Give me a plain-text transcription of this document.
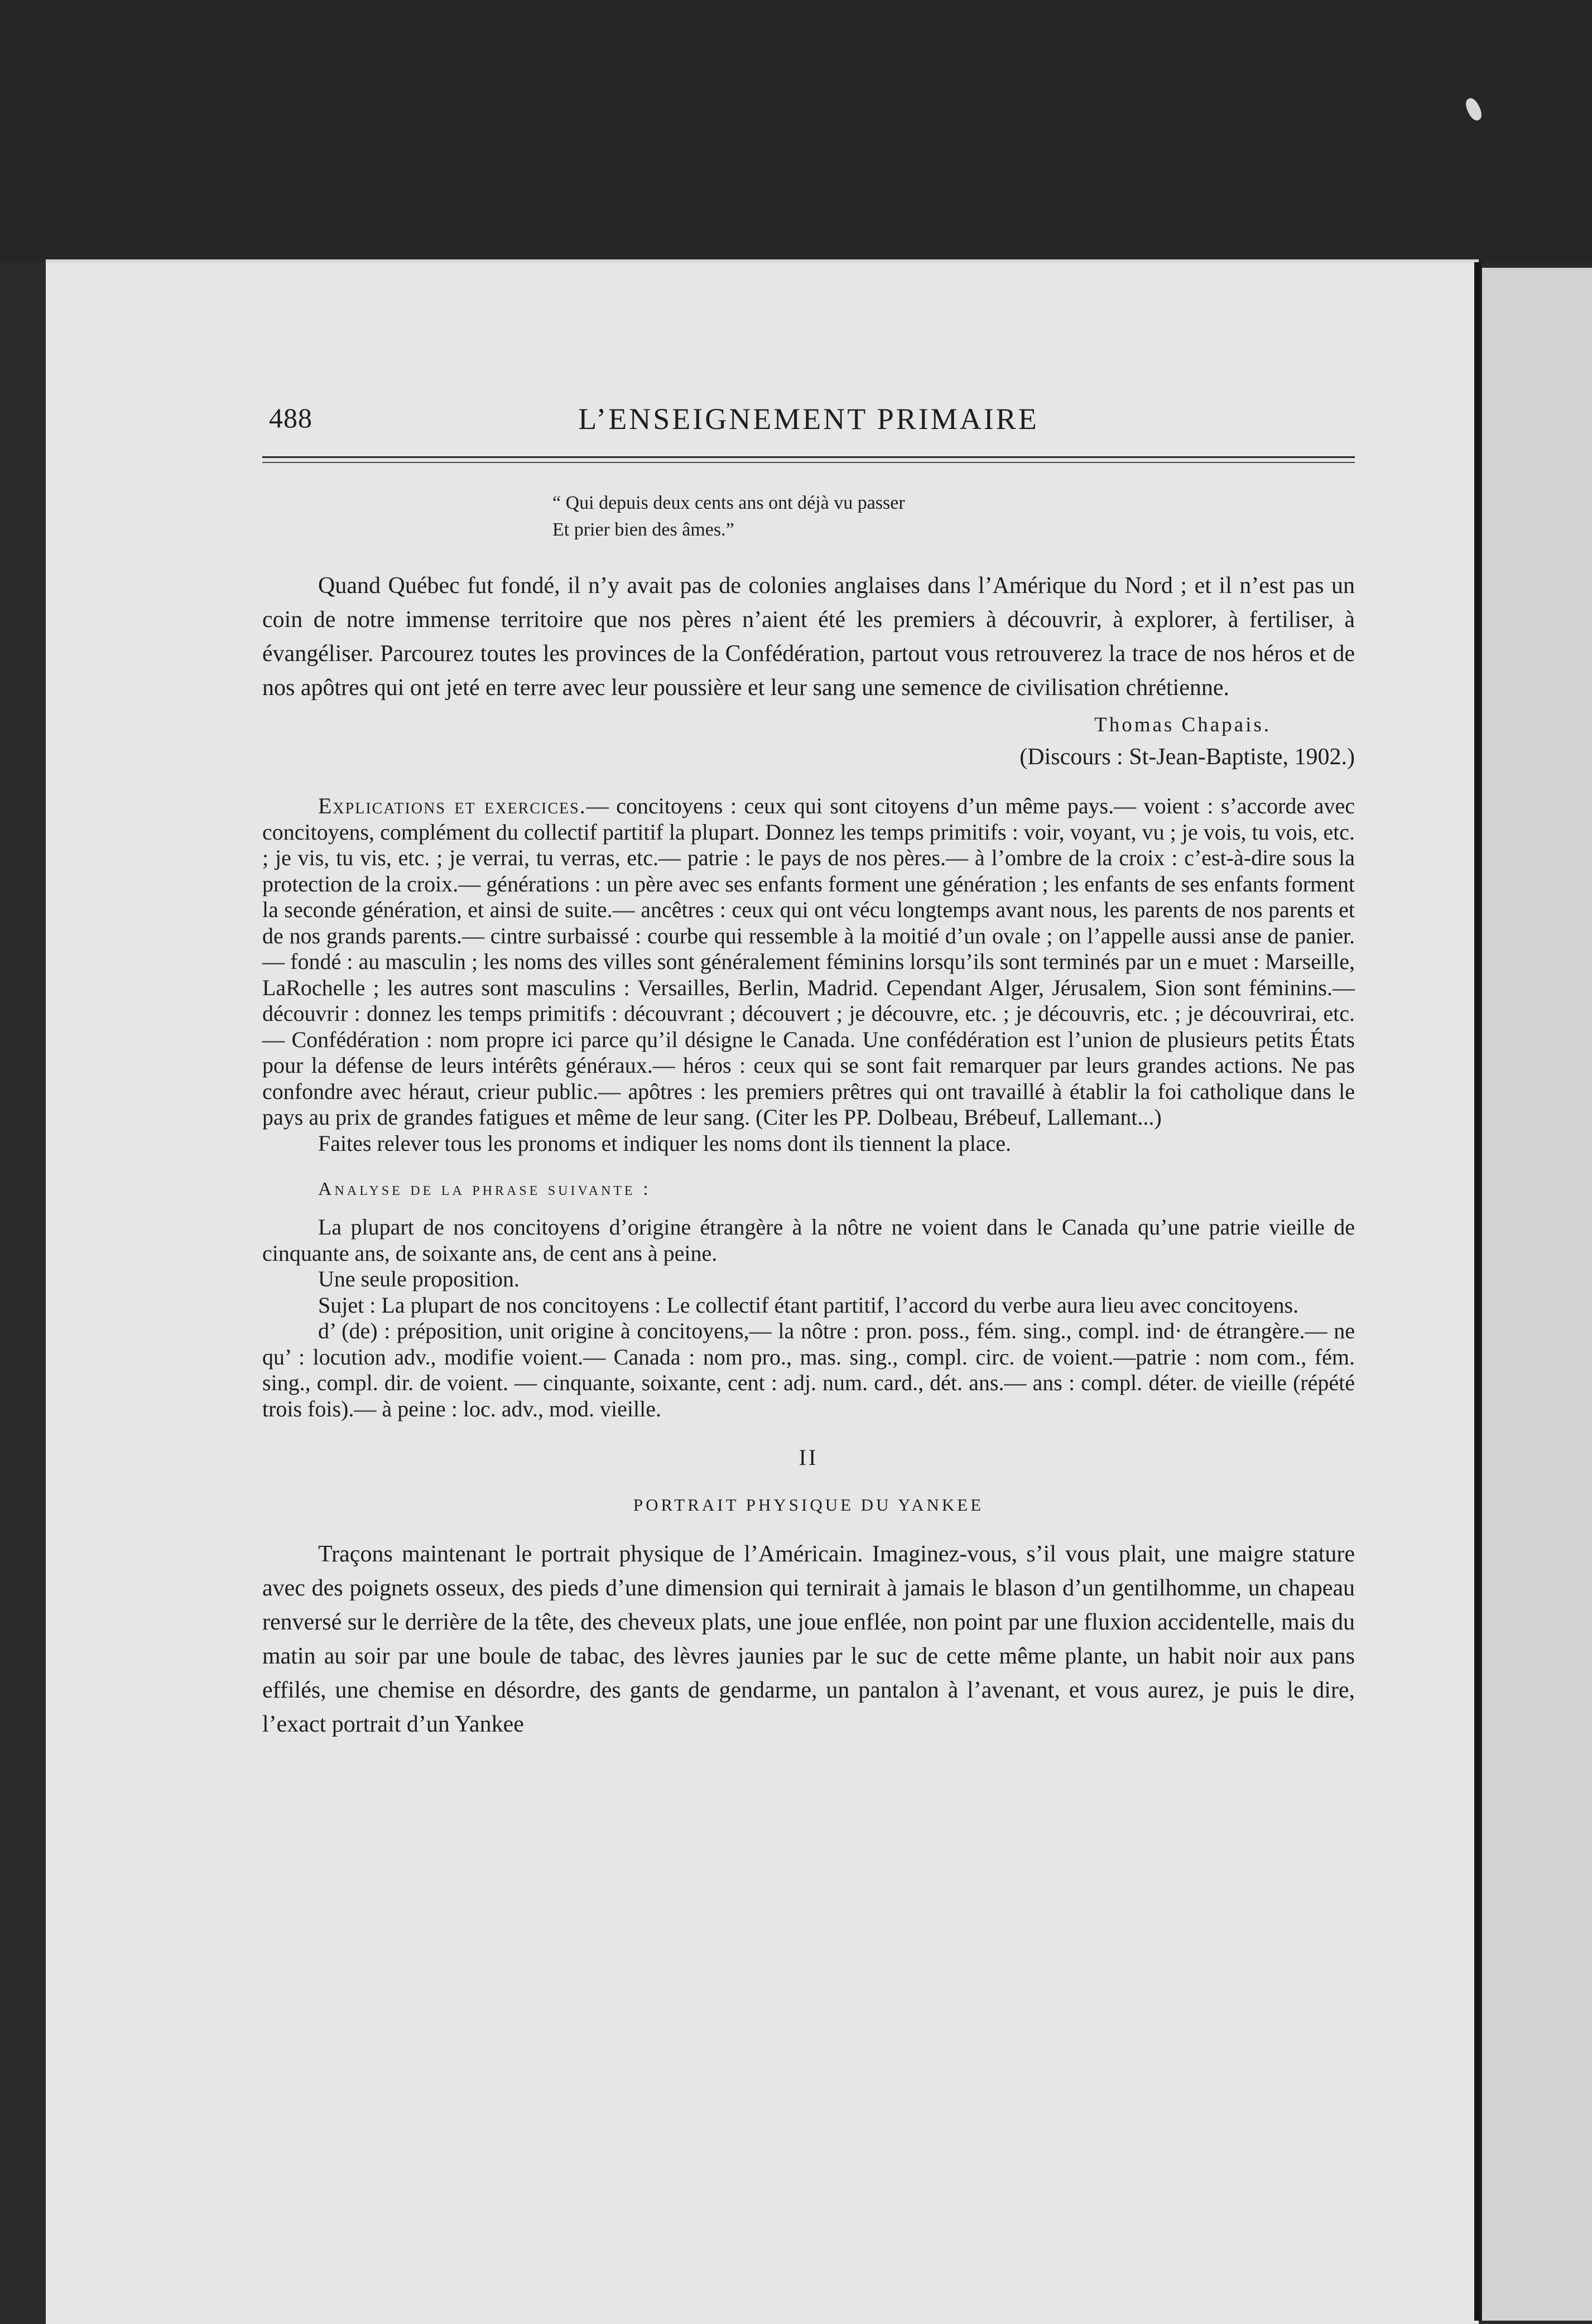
488	L’ENSEIGNEMENT PRIMAIRE
“ Qui depuis deux cents ans ont déjà vu passer
Et prier bien des âmes.”

Quand Québec fut fondé, il n’y avait pas de colonies anglaises dans l’Amérique du Nord ; et il n’est pas un coin de notre immense territoire que nos pères n’aient été les premiers à découvrir, à explorer, à fertiliser, à évangéliser. Parcourez toutes les provinces de la Confédération, partout vous retrouverez la trace de nos héros et de nos apôtres qui ont jeté en terre avec leur poussière et leur sang une semence de civilisation chrétienne.

Thomas Chapais.
(Discours : St-Jean-Baptiste, 1902.)

Explications et exercices.— concitoyens : ceux qui sont citoyens d’un même pays.— voient : s’accorde avec concitoyens, complément du collectif partitif la plupart. Donnez les temps primitifs : voir, voyant, vu ; je vois, tu vois, etc. ; je vis, tu vis, etc. ; je verrai, tu verras, etc.— patrie : le pays de nos pères.— à l’ombre de la croix : c’est-à-dire sous la protection de la croix.— générations : un père avec ses enfants forment une génération ; les enfants de ses enfants forment la seconde génération, et ainsi de suite.— ancêtres : ceux qui ont vécu longtemps avant nous, les parents de nos parents et de nos grands parents.— cintre surbaissé : courbe qui ressemble à la moitié d’un ovale ; on l’appelle aussi anse de panier.— fondé : au masculin ; les noms des villes sont généralement féminins lorsqu’ils sont terminés par un e muet : Marseille, LaRochelle ; les autres sont masculins : Versailles, Berlin, Madrid. Cependant Alger, Jérusalem, Sion sont féminins.— découvrir : donnez les temps primitifs : découvrant ; découvert ; je découvre, etc. ; je découvris, etc. ; je découvrirai, etc.— Confédération : nom propre ici parce qu’il désigne le Canada. Une confédération est l’union de plusieurs petits États pour la défense de leurs intérêts généraux.— héros : ceux qui se sont fait remarquer par leurs grandes actions. Ne pas confondre avec héraut, crieur public.— apôtres : les premiers prêtres qui ont travaillé à établir la foi catholique dans le pays au prix de grandes fatigues et même de leur sang. (Citer les PP. Dolbeau, Brébeuf, Lallemant...)

Faites relever tous les pronoms et indiquer les noms dont ils tiennent la place.

Analyse de la phrase suivante :

La plupart de nos concitoyens d’origine étrangère à la nôtre ne voient dans le Canada qu’une patrie vieille de cinquante ans, de soixante ans, de cent ans à peine.

Une seule proposition.

Sujet : La plupart de nos concitoyens : Le collectif étant partitif, l’accord du verbe aura lieu avec concitoyens.

d’ (de) : préposition, unit origine à concitoyens,— la nôtre : pron. poss., fém. sing., compl. ind· de étrangère.— ne qu’ : locution adv., modifie voient.— Canada : nom pro., mas. sing., compl. circ. de voient.—patrie : nom com., fém. sing., compl. dir. de voient. — cinquante, soixante, cent : adj. num. card., dét. ans.— ans : compl. déter. de vieille (répété trois fois).— à peine : loc. adv., mod. vieille.

II
PORTRAIT PHYSIQUE DU YANKEE

Traçons maintenant le portrait physique de l’Américain. Imaginez-vous, s’il vous plait, une maigre stature avec des poignets osseux, des pieds d’une dimension qui ternirait à jamais le blason d’un gentilhomme, un chapeau renversé sur le derrière de la tête, des cheveux plats, une joue enflée, non point par une fluxion accidentelle, mais du matin au soir par une boule de tabac, des lèvres jaunies par le suc de cette même plante, un habit noir aux pans effilés, une chemise en désordre, des gants de gendarme, un pantalon à l’avenant, et vous aurez, je puis le dire, l’exact portrait d’un Yankee
